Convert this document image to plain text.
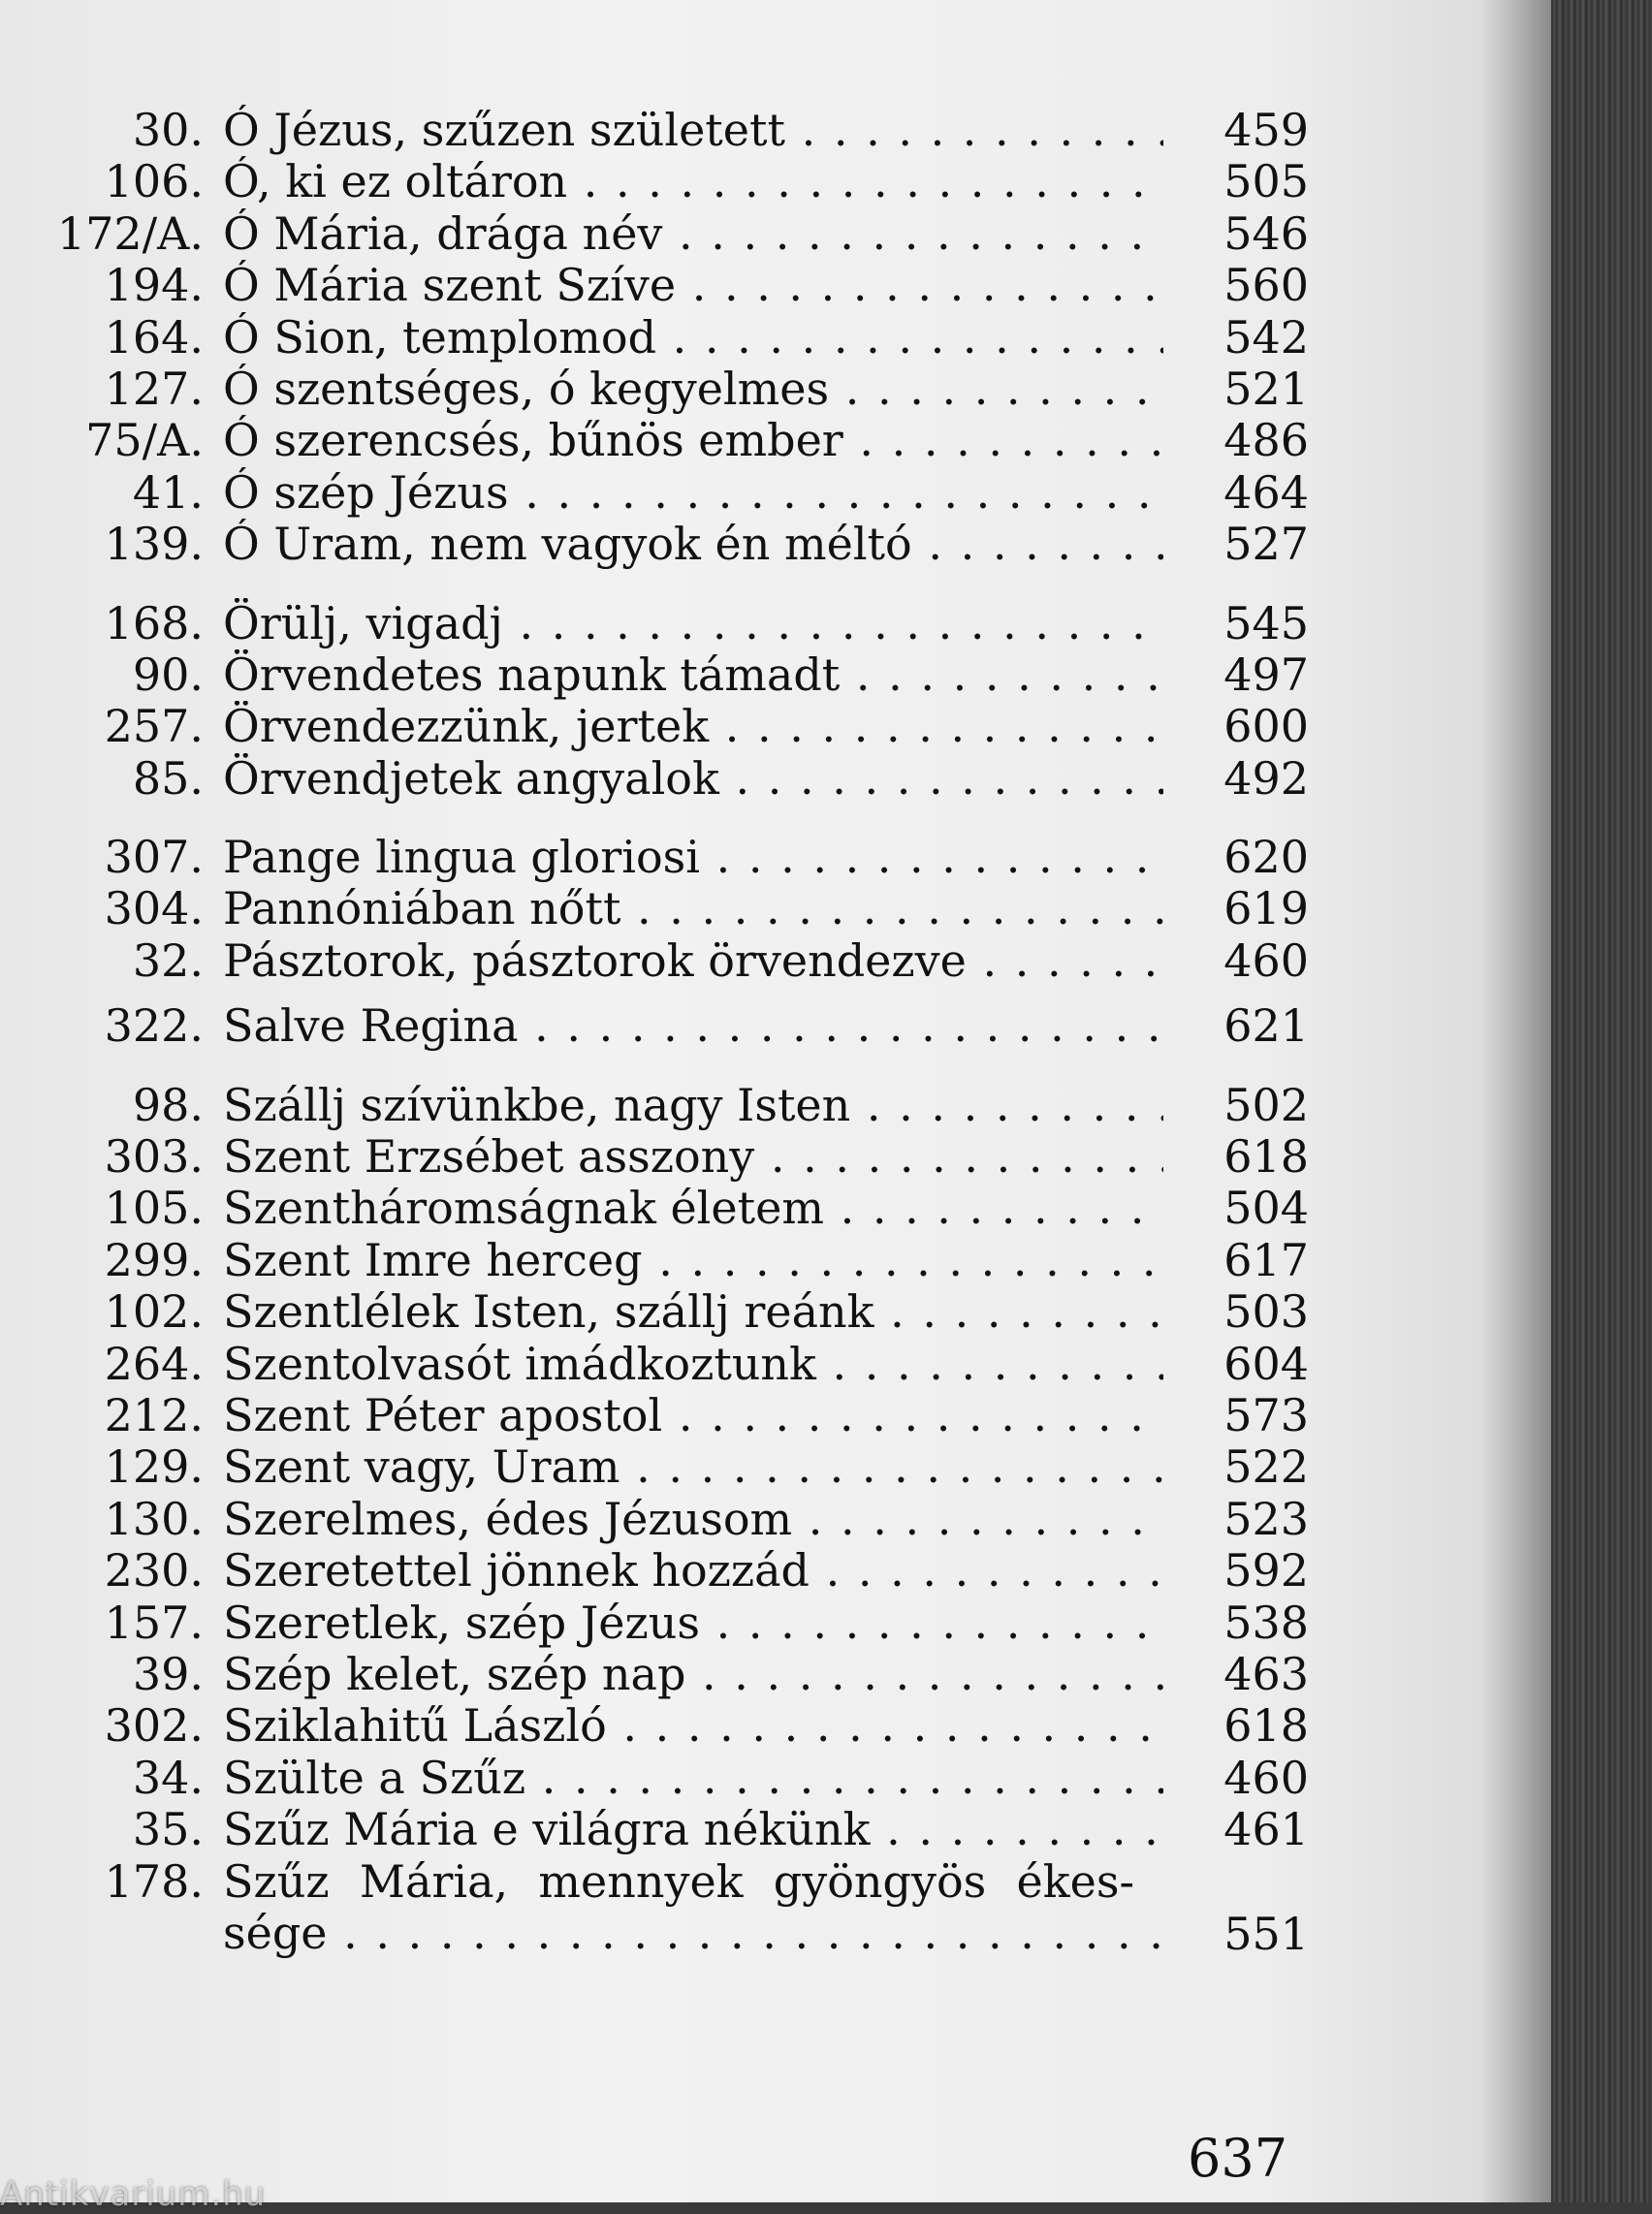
30. Ó Jézus, szűzen született . . .	459
106. Ó, ki ez oltáron . . .	505
172/A. Ó Mária, drága név . . .	546
194. Ó Mária szent Szíve . . .	560
164. Ó Sion, templomod . . .	542
127. Ó szentséges, ó kegyelmes . . .	521
75/A. Ó szerencsés, bűnös ember . . .	486
41. Ó szép Jézus . . .	464
139. Ó Uram, nem vagyok én méltó . . .	527
168. Örülj, vigadj . . .	545
90. Örvendetes napunk támadt . . .	497
257. Örvendezzünk, jertek . . .	600
85. Örvendjetek angyalok . . .	492
307. Pange lingua gloriosi . . .	620
304. Pannóniában nőtt . . .	619
32. Pásztorok, pásztorok örvendezve . . .	460
322. Salve Regina . . .	621
98. Szállj szívünkbe, nagy Isten . . .	502
303. Szent Erzsébet asszony . . .	618
105. Szentháromságnak életem . . .	504
299. Szent Imre herceg . . .	617
102. Szentlélek Isten, szállj reánk . . .	503
264. Szentolvasót imádkoztunk . . .	604
212. Szent Péter apostol . . .	573
129. Szent vagy, Uram . . .	522
130. Szerelmes, édes Jézusom . . .	523
230. Szeretettel jönnek hozzád . . .	592
157. Szeretlek, szép Jézus . . .	538
39. Szép kelet, szép nap . . .	463
302. Sziklahitű László . . .	618
34. Szülte a Szűz . . .	460
35. Szűz Mária e világra nékünk . . .	461
178. Szűz Mária, mennyek gyöngyös ékes-
sége . . .	551
637
Antikvarium.hu
